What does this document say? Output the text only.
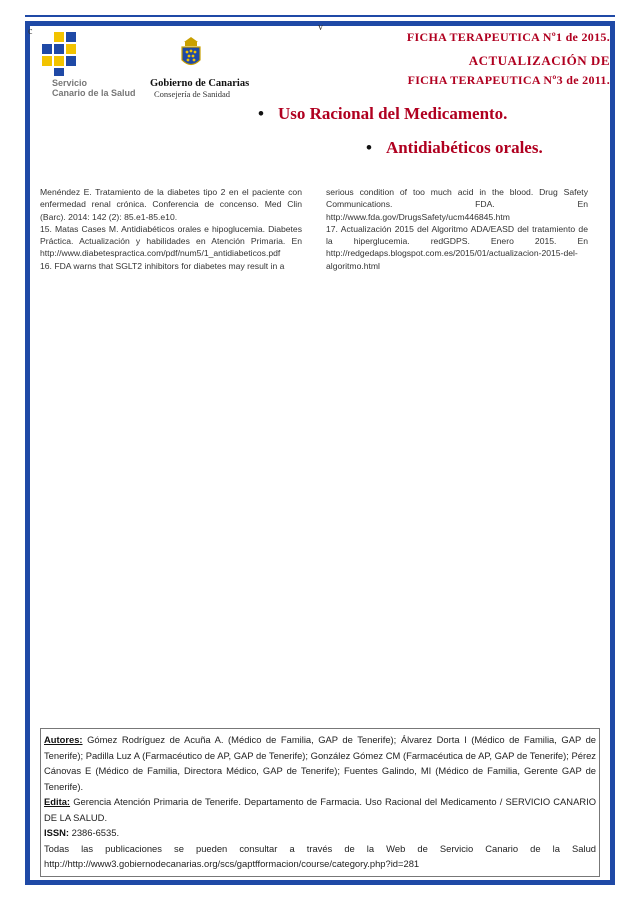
c	v
Servicio
Canario de la Salud
Gobierno de Canarias
Consejería de Sanidad
FICHA TERAPEUTICA Nº1 de 2015.
ACTUALIZACIÓN DE
FICHA TERAPEUTICA Nº3 de 2011.
• Uso Racional del Medicamento.
• Antidiabéticos orales.

Menéndez E. Tratamiento de la diabetes tipo 2 en el paciente con enfermedad renal crónica. Conferencia de concenso. Med Clin (Barc). 2014: 142 (2): 85.e1-85.e10.

15. Matas Cases M. Antidiabéticos orales e hipoglucemia. Diabetes Práctica. Actualización y habilidades en Atención Primaria. En http://www.diabetespractica.com/pdf/num5/1_antidiabeticos.pdf

16. FDA warns that SGLT2 inhibitors for diabetes may result in a

serious condition of too much acid in the blood. Drug Safety Communications. FDA. En http://www.fda.gov/DrugsSafety/ucm446845.htm

17. Actualización 2015 del Algoritmo ADA/EASD del tratamiento de la hiperglucemia. redGDPS. Enero 2015. En http://redgedaps.blogspot.com.es/2015/01/actualizacion-2015-del-algoritmo.html

Autores: Gómez Rodríguez de Acuña A. (Médico de Familia, GAP de Tenerife); Álvarez Dorta I (Médico de Familia, GAP de Tenerife); Padilla Luz A (Farmacéutico de AP, GAP de Tenerife); González Gómez CM (Farmacéutica de AP, GAP de Tenerife); Pérez Cánovas E (Médico de Familia, Directora Médico, GAP de Tenerife); Fuentes Galindo, MI (Médico de Familia, Gerente GAP de Tenerife).

Edita: Gerencia Atención Primaria de Tenerife. Departamento de Farmacia. Uso Racional del Medicamento / SERVICIO CANARIO DE LA SALUD.

ISSN: 2386-6535.

Todas las publicaciones se pueden consultar a través de la Web de Servicio Canario de la Salud http://http://www3.gobiernodecanarias.org/scs/gaptfformacion/course/category.php?id=281
